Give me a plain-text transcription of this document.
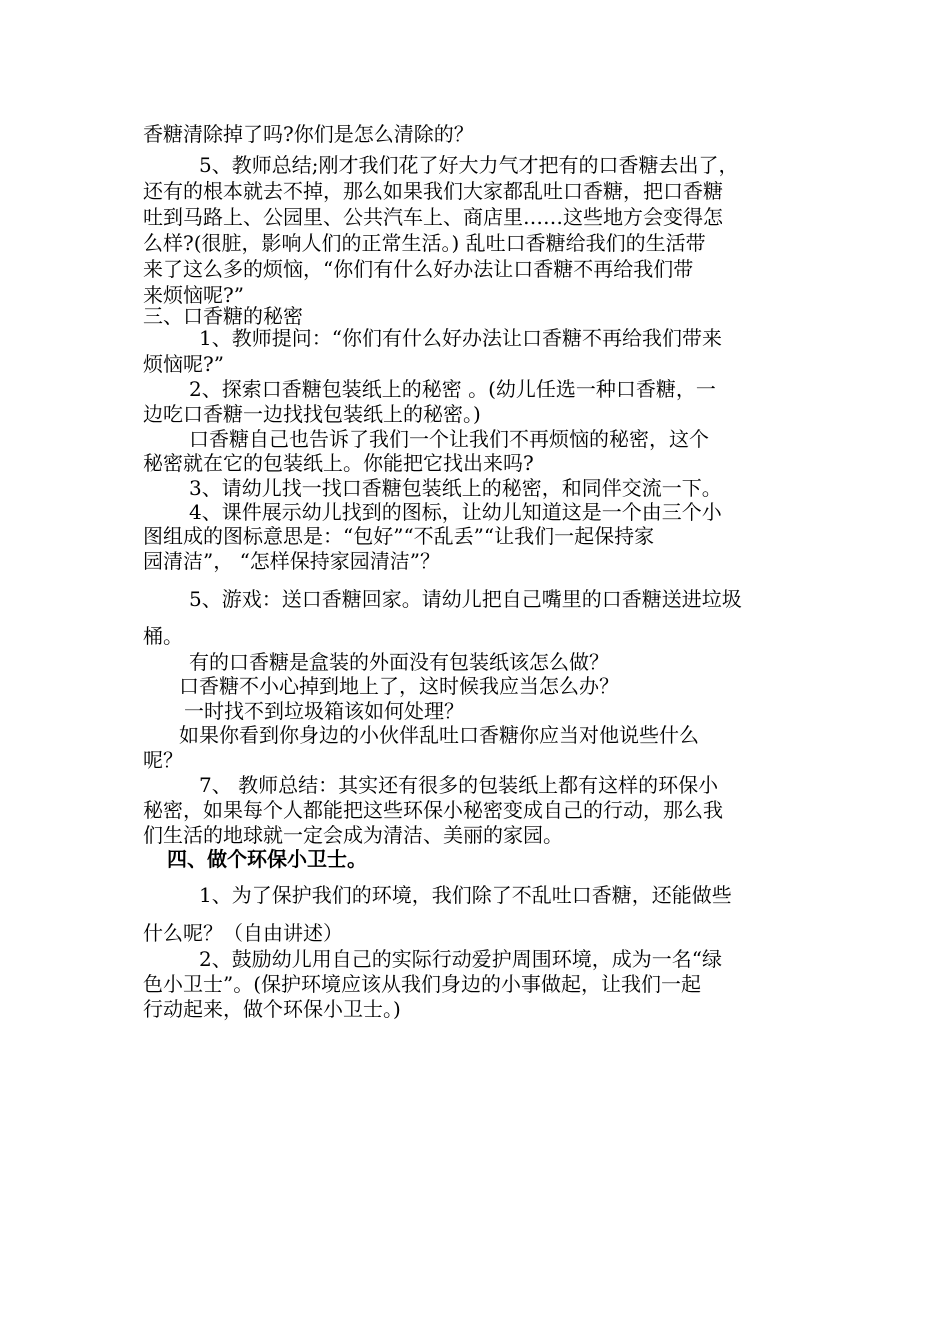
香糖清除掉了吗?你们是怎么清除的？
5、教师总结;刚才我们花了好大力气才把有的口香糖去出了，
还有的根本就去不掉，那么如果我们大家都乱吐口香糖，把口香糖
吐到马路上、公园里、公共汽车上、商店里……这些地方会变得怎
么样?(很脏，影响人们的正常生活。) 乱吐口香糖给我们的生活带
来了这么多的烦恼，“你们有什么好办法让口香糖不再给我们带
来烦恼呢?”
三、口香糖的秘密
1、教师提问：“你们有什么好办法让口香糖不再给我们带来
烦恼呢?”
2、探索口香糖包装纸上的秘密 。(幼儿任选一种口香糖，一
边吃口香糖一边找找包装纸上的秘密。)
口香糖自己也告诉了我们一个让我们不再烦恼的秘密，这个
秘密就在它的包装纸上。你能把它找出来吗?
3、请幼儿找一找口香糖包装纸上的秘密，和同伴交流一下。
4、课件展示幼儿找到的图标，让幼儿知道这是一个由三个小
图组成的图标意思是：“包好”“不乱丢”“让我们一起保持家
园清洁”， “怎样保持家园清洁”？
5、游戏：送口香糖回家。请幼儿把自己嘴里的口香糖送进垃圾
桶。
有的口香糖是盒装的外面没有包装纸该怎么做？
口香糖不小心掉到地上了，这时候我应当怎么办？
一时找不到垃圾箱该如何处理？
如果你看到你身边的小伙伴乱吐口香糖你应当对他说些什么
呢？
7、 教师总结：其实还有很多的包装纸上都有这样的环保小
秘密，如果每个人都能把这些环保小秘密变成自己的行动，那么我
们生活的地球就一定会成为清洁、美丽的家园。
四、做个环保小卫士。
1、为了保护我们的环境，我们除了不乱吐口香糖，还能做些
什么呢？（自由讲述）
2、鼓励幼儿用自己的实际行动爱护周围环境，成为一名“绿
色小卫士”。(保护环境应该从我们身边的小事做起，让我们一起
行动起来，做个环保小卫士。)
